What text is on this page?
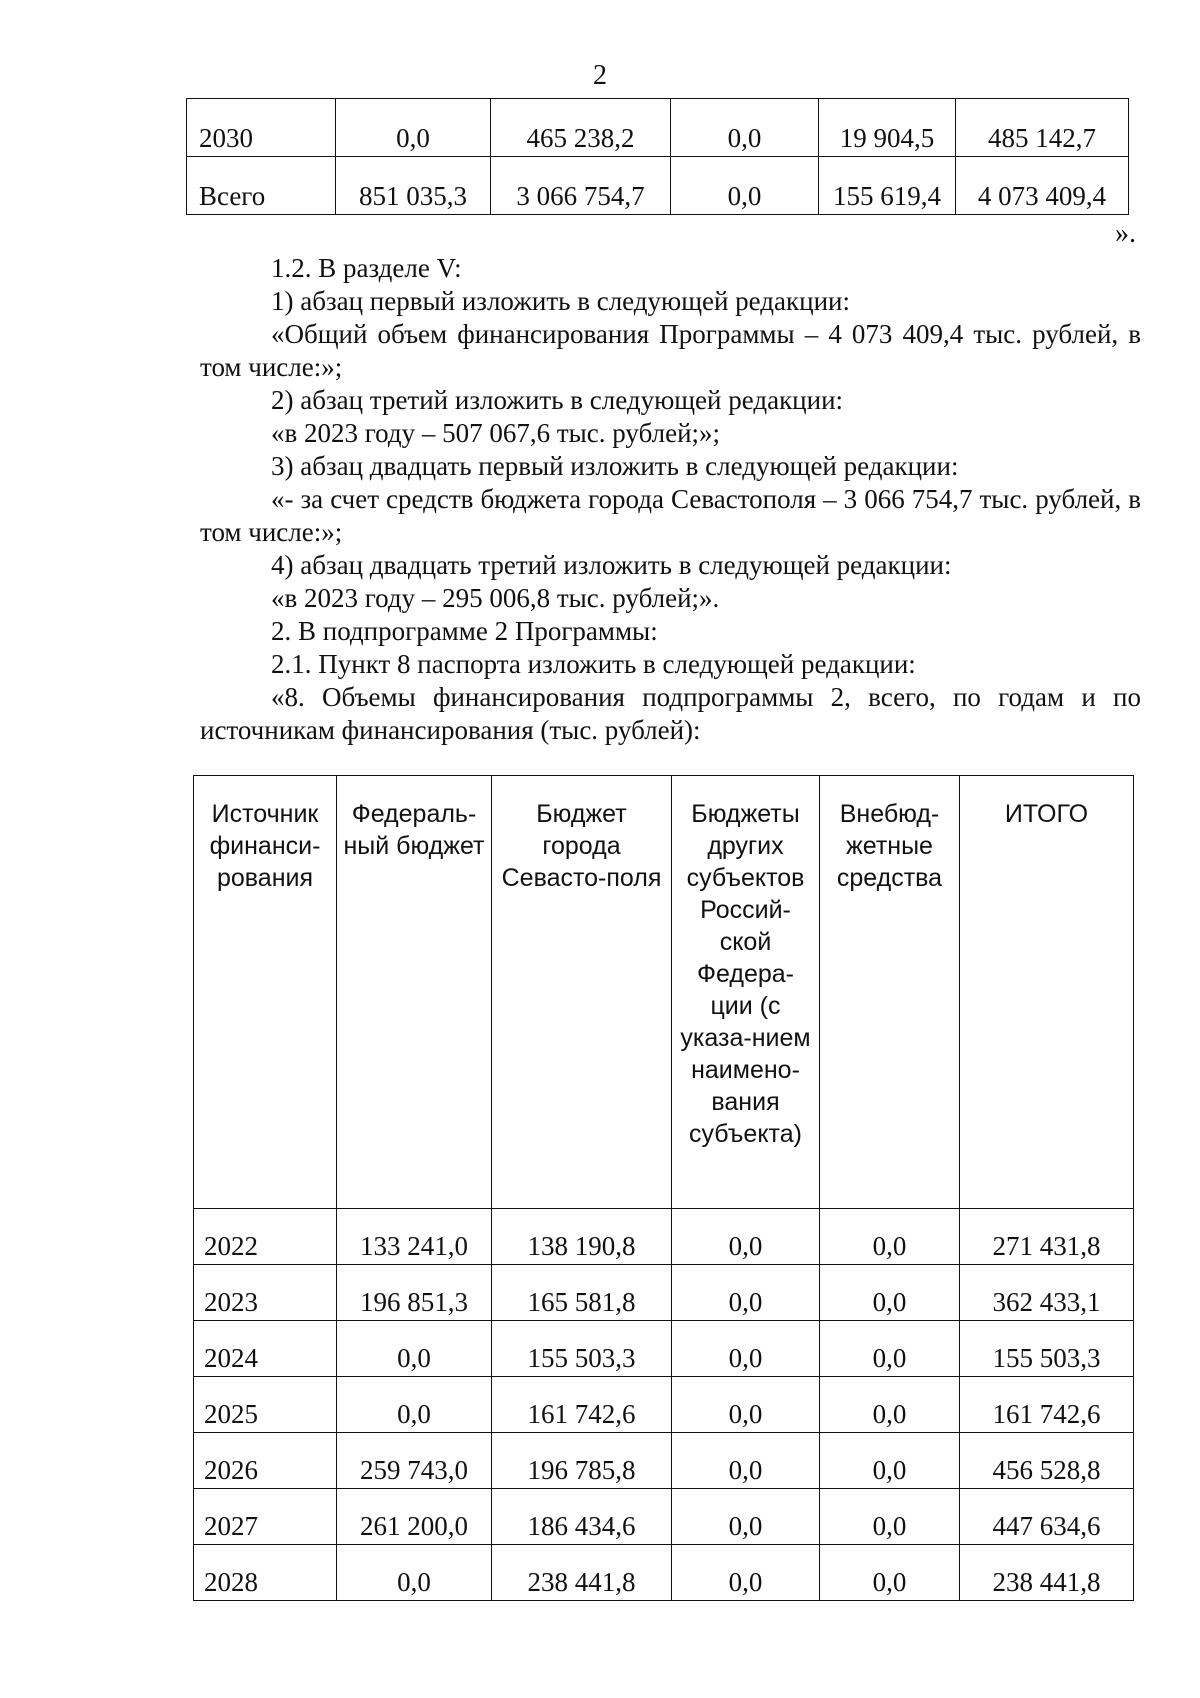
2
2030	0,0	465 238,2	0,0	19 904,5	485 142,7
Всего	851 035,3	3 066 754,7	0,0	155 619,4	4 073 409,4
».

1.2. В разделе V:

1) абзац первый изложить в следующей редакции:

«Общий объем финансирования Программы – 4 073 409,4 тыс. рублей, в том числе:»;

2) абзац третий изложить в следующей редакции:

«в 2023 году – 507 067,6 тыс. рублей;»;

3) абзац двадцать первый изложить в следующей редакции:

«- за счет средств бюджета города Севастополя – 3 066 754,7 тыс. рублей, в том числе:»;

4) абзац двадцать третий изложить в следующей редакции:

«в 2023 году – 295 006,8 тыс. рублей;».

2. В подпрограмме 2 Программы:

2.1. Пункт 8 паспорта изложить в следующей редакции:

«8. Объемы финансирования подпрограммы 2, всего, по годам и по источникам финансирования (тыс. рублей):

Источник финанси-рования	Федераль-ный бюджет	Бюджет города Севасто-поля	Бюджеты других субъектов Россий-ской Федера-ции (с указа-нием наимено-вания субъекта)	Внебюд-жетные средства	ИТОГО
2022	133 241,0	138 190,8	0,0	0,0	271 431,8
2023	196 851,3	165 581,8	0,0	0,0	362 433,1
2024	0,0	155 503,3	0,0	0,0	155 503,3
2025	0,0	161 742,6	0,0	0,0	161 742,6
2026	259 743,0	196 785,8	0,0	0,0	456 528,8
2027	261 200,0	186 434,6	0,0	0,0	447 634,6
2028	0,0	238 441,8	0,0	0,0	238 441,8
